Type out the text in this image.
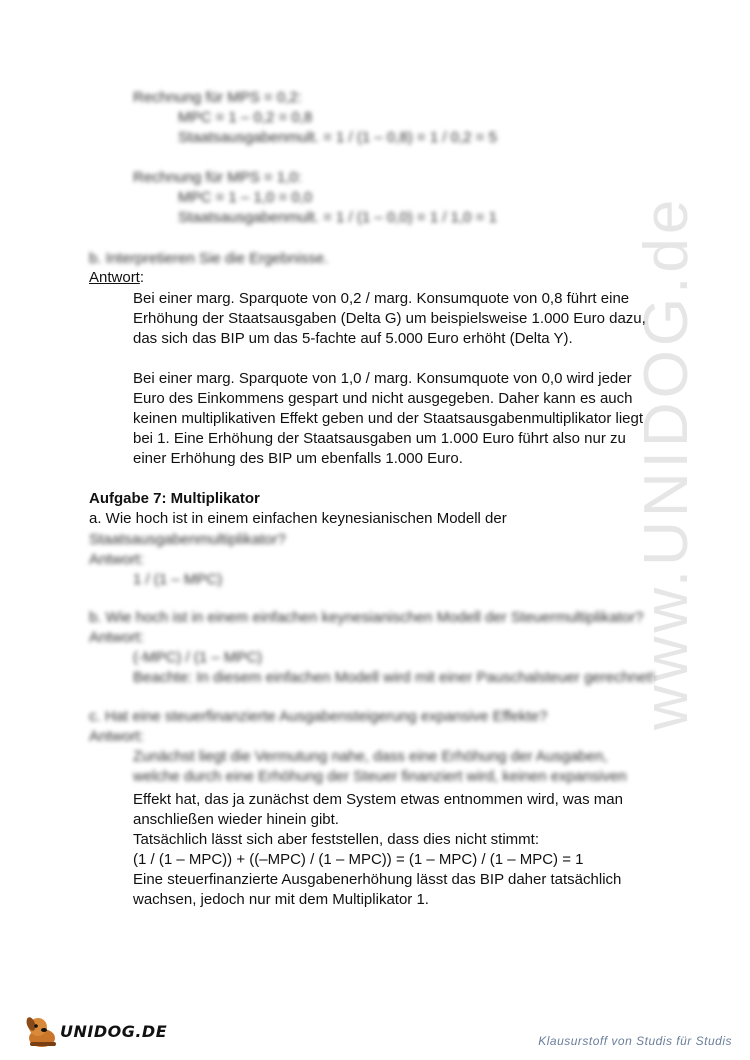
www.UNIDOG.de
Rechnung für MPS = 0,2:
MPC = 1 – 0,2 = 0,8
Staatsausgabenmult. = 1 / (1 – 0,8) = 1 / 0,2 = 5
Rechnung für MPS = 1,0:
MPC = 1 – 1,0 = 0,0
Staatsausgabenmult. = 1 / (1 – 0,0) = 1 / 1,0 = 1
b. Interpretieren Sie die Ergebnisse.
Antwort:
Bei einer marg. Sparquote von 0,2 / marg. Konsumquote von 0,8 führt eine
Erhöhung der Staatsausgaben (Delta G) um beispielsweise 1.000 Euro dazu,
das sich das BIP um das 5-fachte auf 5.000 Euro erhöht (Delta Y).
Bei einer marg. Sparquote von 1,0 / marg. Konsumquote von 0,0 wird jeder
Euro des Einkommens gespart und nicht ausgegeben. Daher kann es auch
keinen multiplikativen Effekt geben und der Staatsausgabenmultiplikator liegt
bei 1. Eine Erhöhung der Staatsausgaben um 1.000 Euro führt also nur zu
einer Erhöhung des BIP um ebenfalls 1.000 Euro.
Aufgabe 7: Multiplikator
a. Wie hoch ist in einem einfachen keynesianischen Modell der
Staatsausgabenmultiplikator?
Antwort:
1 / (1 – MPC)
b. Wie hoch ist in einem einfachen keynesianischen Modell der Steuermultiplikator?
Antwort:
(-MPC) / (1 – MPC)
Beachte: In diesem einfachen Modell wird mit einer Pauschalsteuer gerechnet!
c. Hat eine steuerfinanzierte Ausgabensteigerung expansive Effekte?
Antwort:
Zunächst liegt die Vermutung nahe, dass eine Erhöhung der Ausgaben,
welche durch eine Erhöhung der Steuer finanziert wird, keinen expansiven
Effekt hat, das ja zunächst dem System etwas entnommen wird, was man
anschließen wieder hinein gibt.
Tatsächlich lässt sich aber feststellen, dass dies nicht stimmt:
(1 / (1 – MPC)) + ((–MPC) / (1 – MPC)) = (1 – MPC) / (1 – MPC) = 1
Eine steuerfinanzierte Ausgabenerhöhung lässt das BIP daher tatsächlich
wachsen, jedoch nur mit dem Multiplikator 1.
UNIDOG.DE	Klausurstoff von Studis für Studis
